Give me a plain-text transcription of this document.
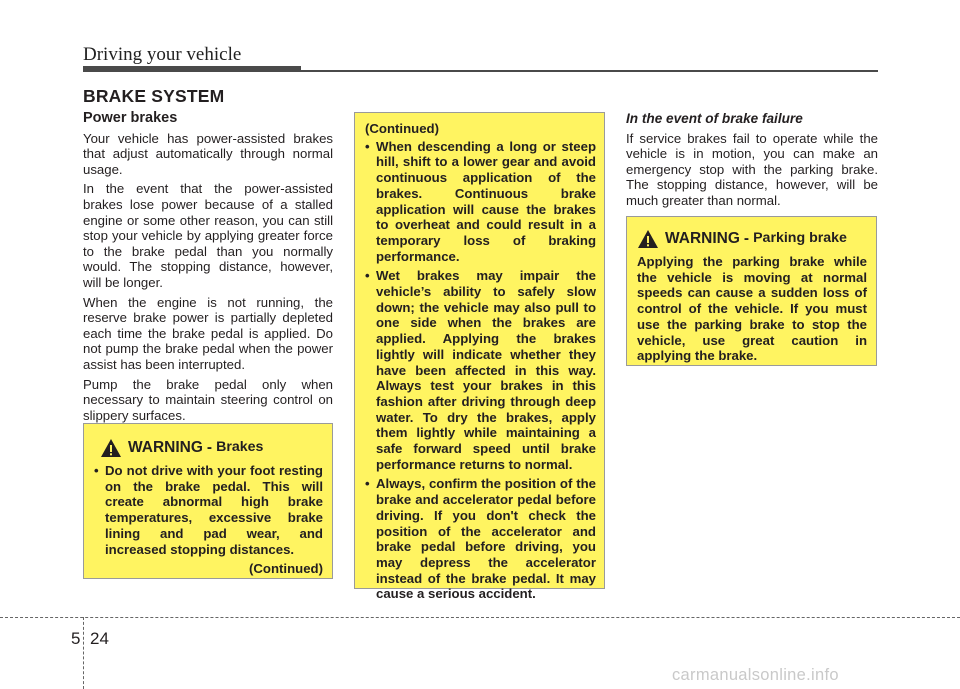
Driving your vehicle
BRAKE SYSTEM
Power brakes

Your vehicle has power-assisted brakes that adjust automatically through normal usage.

In the event that the power-assisted brakes lose power because of a stalled engine or some other reason, you can still stop your vehicle by applying greater force to the brake pedal than you normally would. The stopping distance, however, will be longer.

When the engine is not running, the reserve brake power is partially depleted each time the brake pedal is applied. Do not pump the brake pedal when the power assist has been interrupted.

Pump the brake pedal only when necessary to maintain steering control on slippery surfaces.

WARNING - Brakes
• Do not drive with your foot resting on the brake pedal. This will create abnormal high brake temperatures, excessive brake lining and pad wear, and increased stopping distances.
(Continued)
(Continued)
• When descending a long or steep hill, shift to a lower gear and avoid continuous application of the brakes. Continuous brake application will cause the brakes to overheat and could result in a temporary loss of braking performance.
• Wet brakes may impair the vehicle’s ability to safely slow down; the vehicle may also pull to one side when the brakes are applied. Applying the brakes lightly will indicate whether they have been affected in this way. Always test your brakes in this fashion after driving through deep water. To dry the brakes, apply them lightly while maintaining a safe forward speed until brake performance returns to normal.
• Always, confirm the position of the brake and accelerator pedal before driving. If you don't check the position of the accelerator and brake pedal before driving, you may depress the accelerator instead of the brake pedal. It may cause a serious accident.
In the event of brake failure

If service brakes fail to operate while the vehicle is in motion, you can make an emergency stop with the parking brake. The stopping distance, however, will be much greater than normal.

WARNING - Parking brake

Applying the parking brake while the vehicle is moving at normal speeds can cause a sudden loss of control of the vehicle. If you must use the parking brake to stop the vehicle, use great caution in applying the brake.

5 24
carmanualsonline.info
